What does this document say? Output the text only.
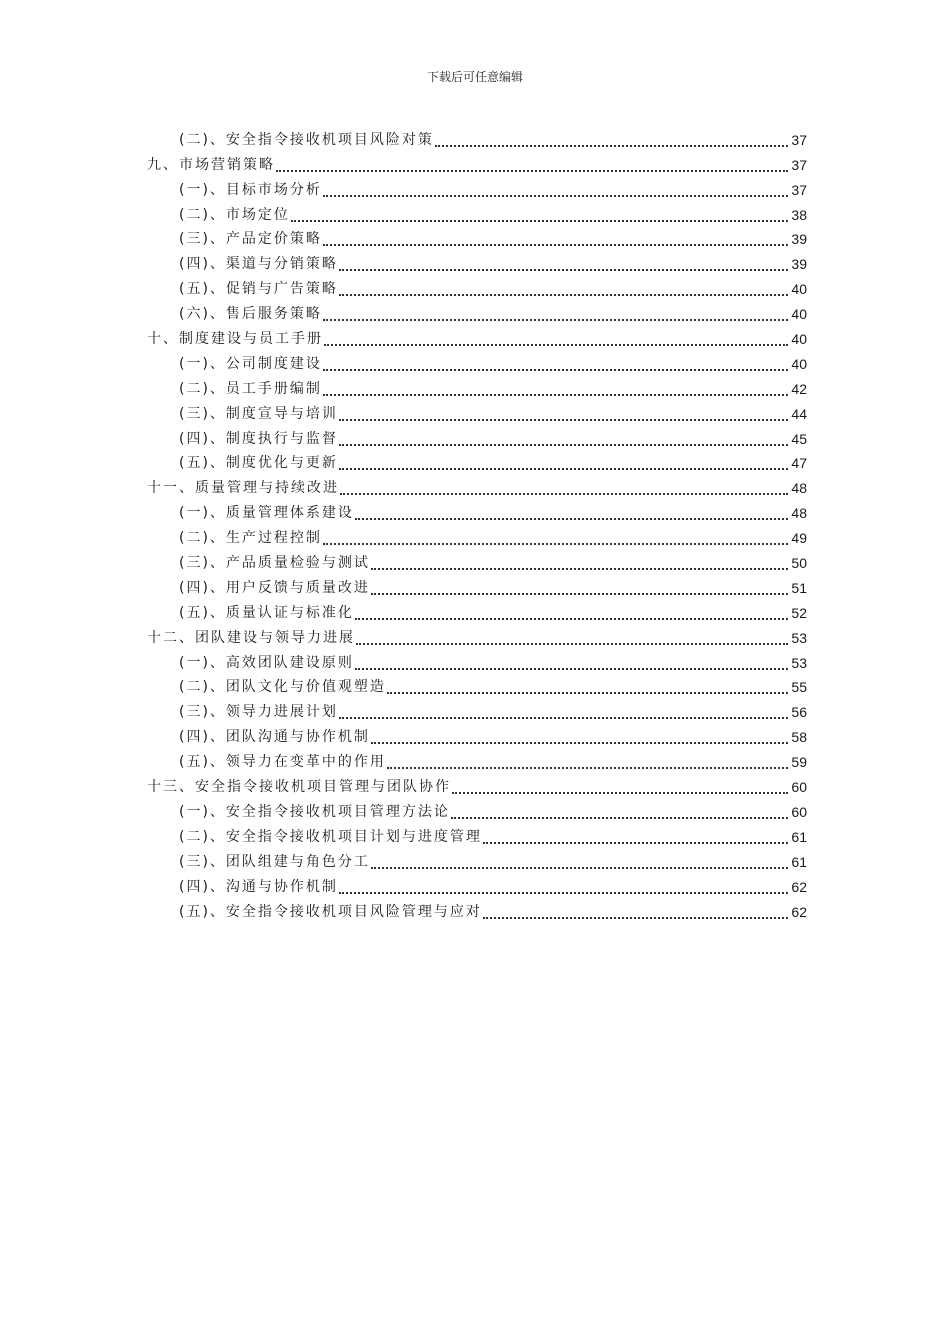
下载后可任意编辑
(二)、安全指令接收机项目风险对策	37
九、市场营销策略	37
(一)、目标市场分析	37
(二)、市场定位	38
(三)、产品定价策略	39
(四)、渠道与分销策略	39
(五)、促销与广告策略	40
(六)、售后服务策略	40
十、制度建设与员工手册	40
(一)、公司制度建设	40
(二)、员工手册编制	42
(三)、制度宣导与培训	44
(四)、制度执行与监督	45
(五)、制度优化与更新	47
十一、质量管理与持续改进	48
(一)、质量管理体系建设	48
(二)、生产过程控制	49
(三)、产品质量检验与测试	50
(四)、用户反馈与质量改进	51
(五)、质量认证与标准化	52
十二、团队建设与领导力进展	53
(一)、高效团队建设原则	53
(二)、团队文化与价值观塑造	55
(三)、领导力进展计划	56
(四)、团队沟通与协作机制	58
(五)、领导力在变革中的作用	59
十三、安全指令接收机项目管理与团队协作	60
(一)、安全指令接收机项目管理方法论	60
(二)、安全指令接收机项目计划与进度管理	61
(三)、团队组建与角色分工	61
(四)、沟通与协作机制	62
(五)、安全指令接收机项目风险管理与应对	62
